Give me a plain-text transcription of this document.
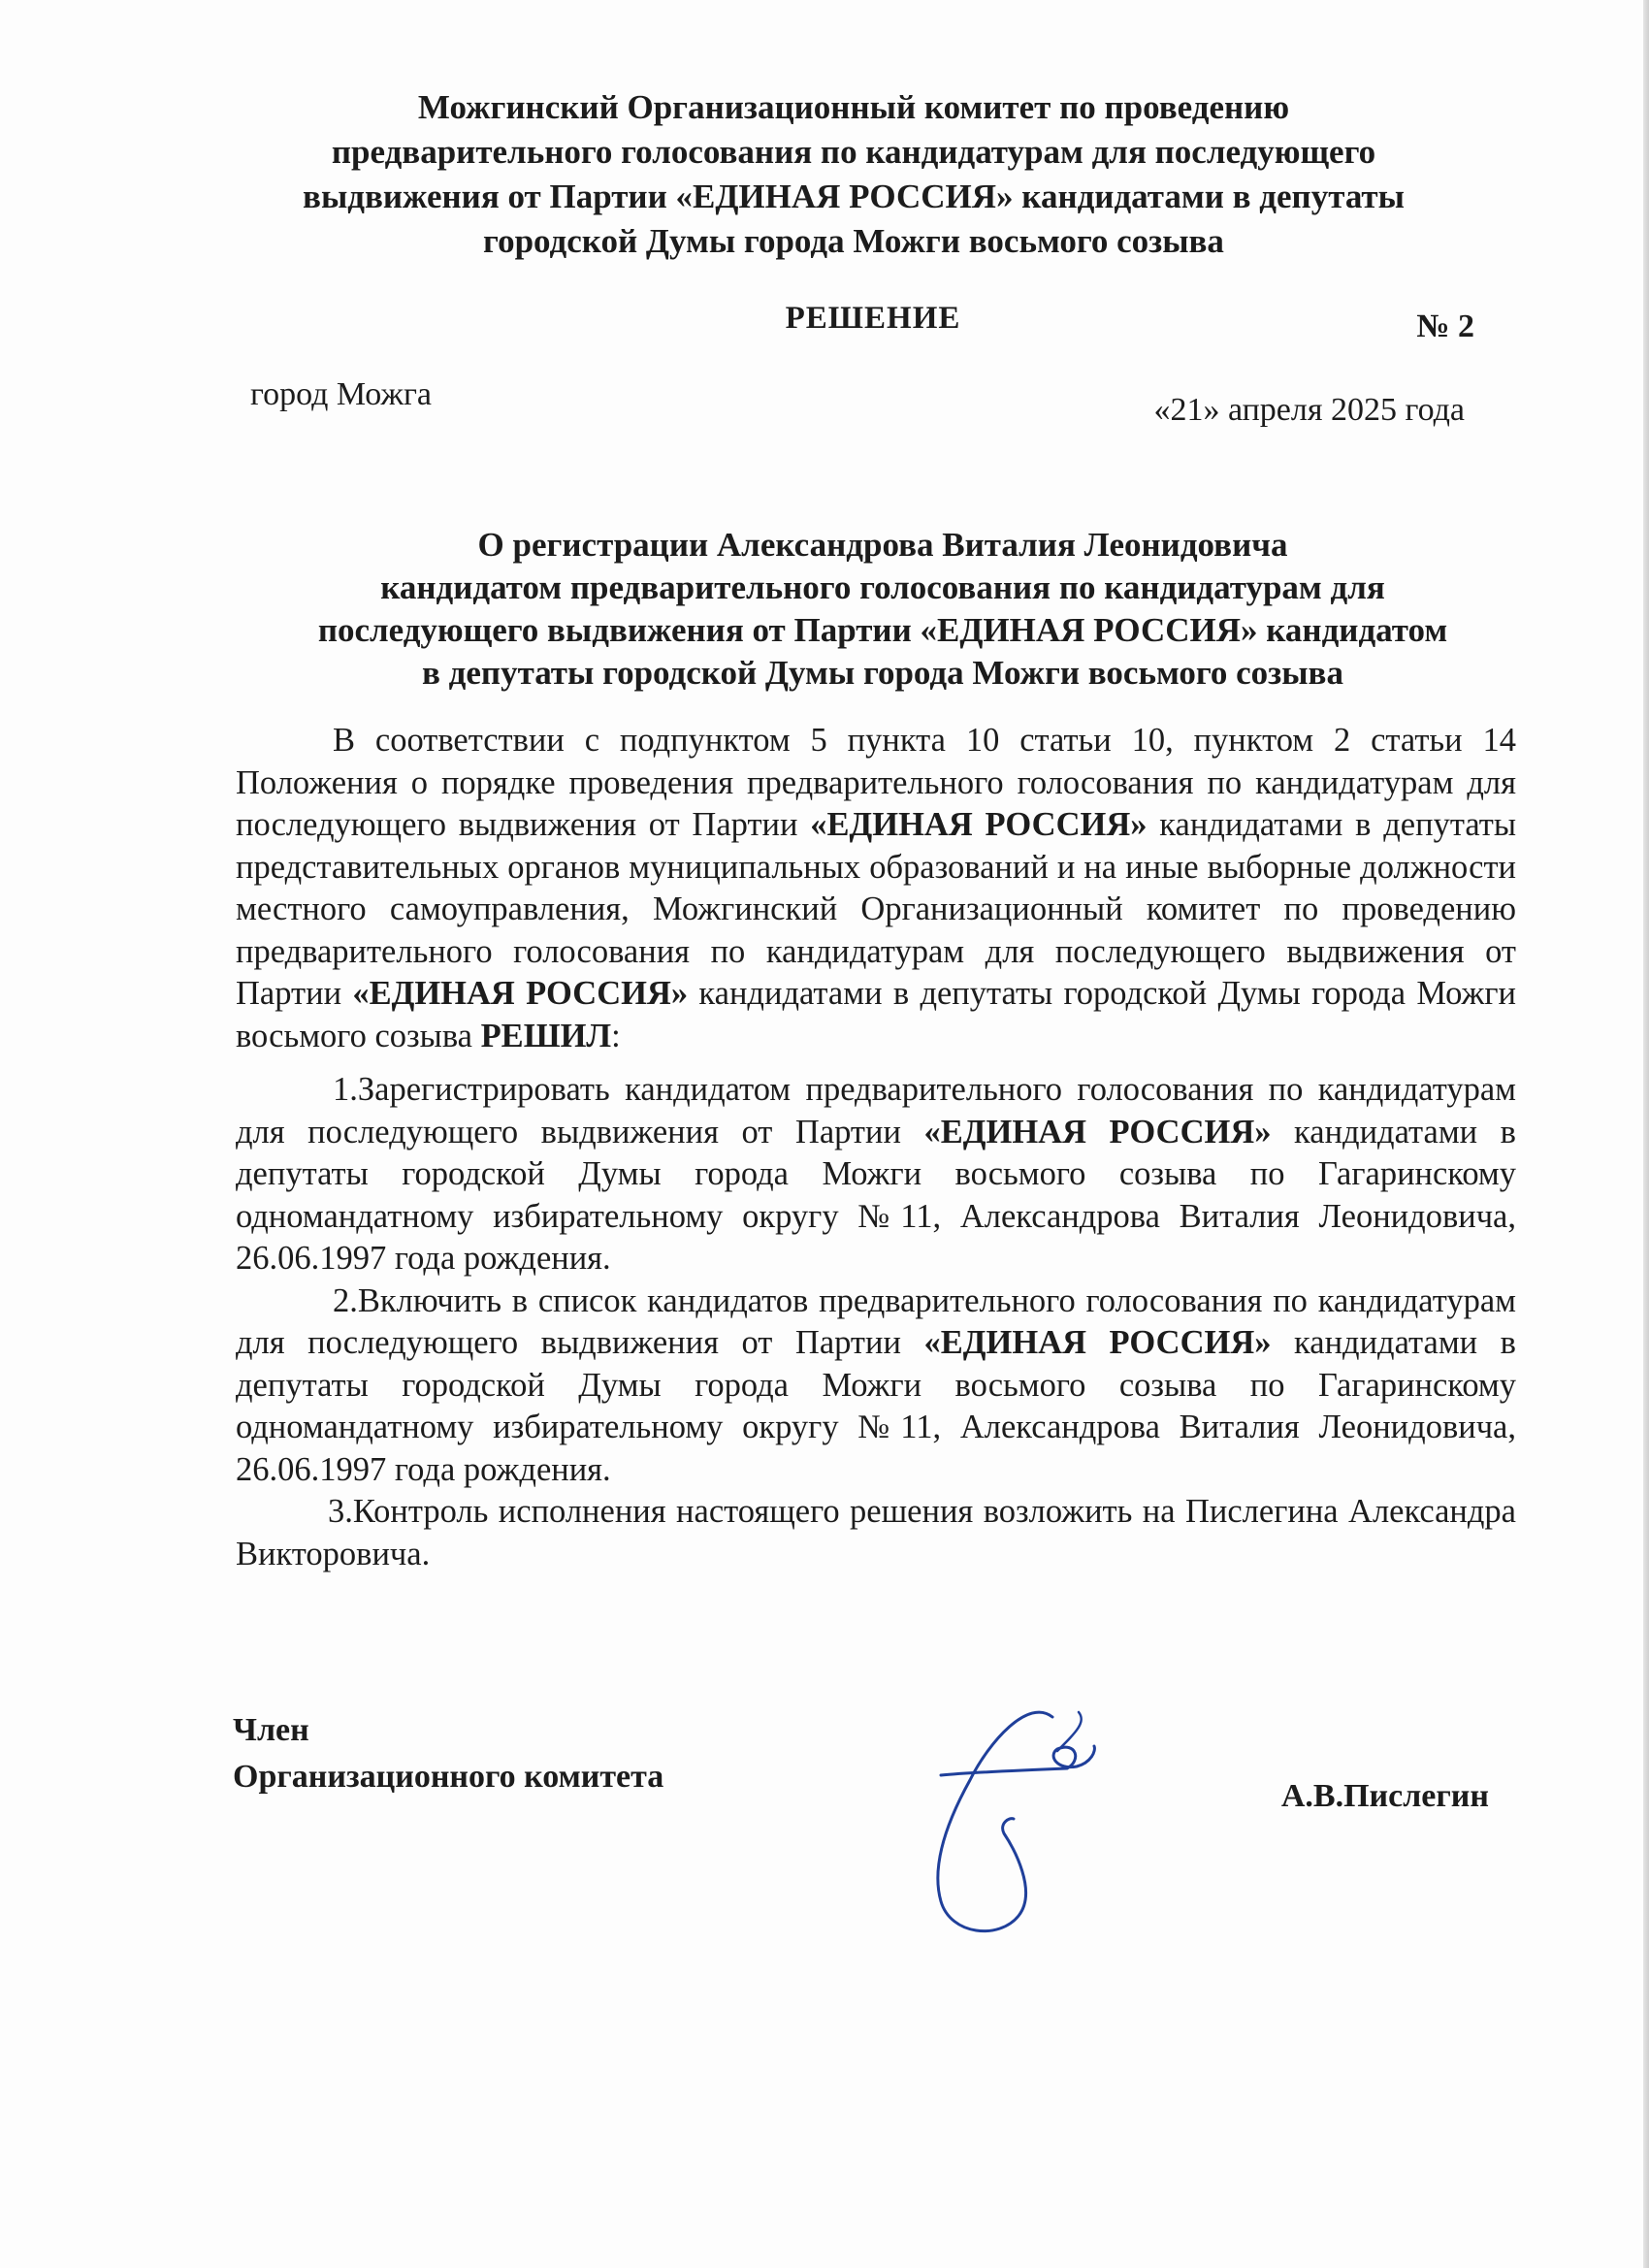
Можгинский Организационный комитет по проведению
предварительного голосования по кандидатурам для последующего
выдвижения от Партии «ЕДИНАЯ РОССИЯ» кандидатами в депутаты
городской Думы города Можги восьмого созыва
РЕШЕНИЕ	№ 2
город Можга	«21» апреля 2025 года
О регистрации Александрова Виталия Леонидовича
кандидатом предварительного голосования по кандидатурам для
последующего выдвижения от Партии «ЕДИНАЯ РОССИЯ» кандидатом
в депутаты городской Думы города Можги восьмого созыва

В соответствии с подпунктом 5 пункта 10 статьи 10, пунктом 2 статьи 14 Положения о порядке проведения предварительного голосования по кандидатурам для последующего выдвижения от Партии «ЕДИНАЯ РОССИЯ» кандидатами в депутаты представительных органов муниципальных образований и на иные выборные должности местного самоуправления, Можгинский Организационный комитет по проведению предварительного голосования по кандидатурам для последующего выдвижения от Партии «ЕДИНАЯ РОССИЯ» кандидатами в депутаты городской Думы города Можги восьмого созыва РЕШИЛ:

1.Зарегистрировать кандидатом предварительного голосования по кандидатурам для последующего выдвижения от Партии «ЕДИНАЯ РОССИЯ» кандидатами в депутаты городской Думы города Можги восьмого созыва по Гагаринскому одномандатному избирательному округу №11, Александрова Виталия Леонидовича, 26.06.1997 года рождения.

2.Включить в список кандидатов предварительного голосования по кандидатурам для последующего выдвижения от Партии «ЕДИНАЯ РОССИЯ» кандидатами в депутаты городской Думы города Можги восьмого созыва по Гагаринскому одномандатному избирательному округу №11, Александрова Виталия Леонидовича, 26.06.1997 года рождения.

3.Контроль исполнения настоящего решения возложить на Пислегина Александра Викторовича.

Член
Организационного комитета
А.В.Пислегин
